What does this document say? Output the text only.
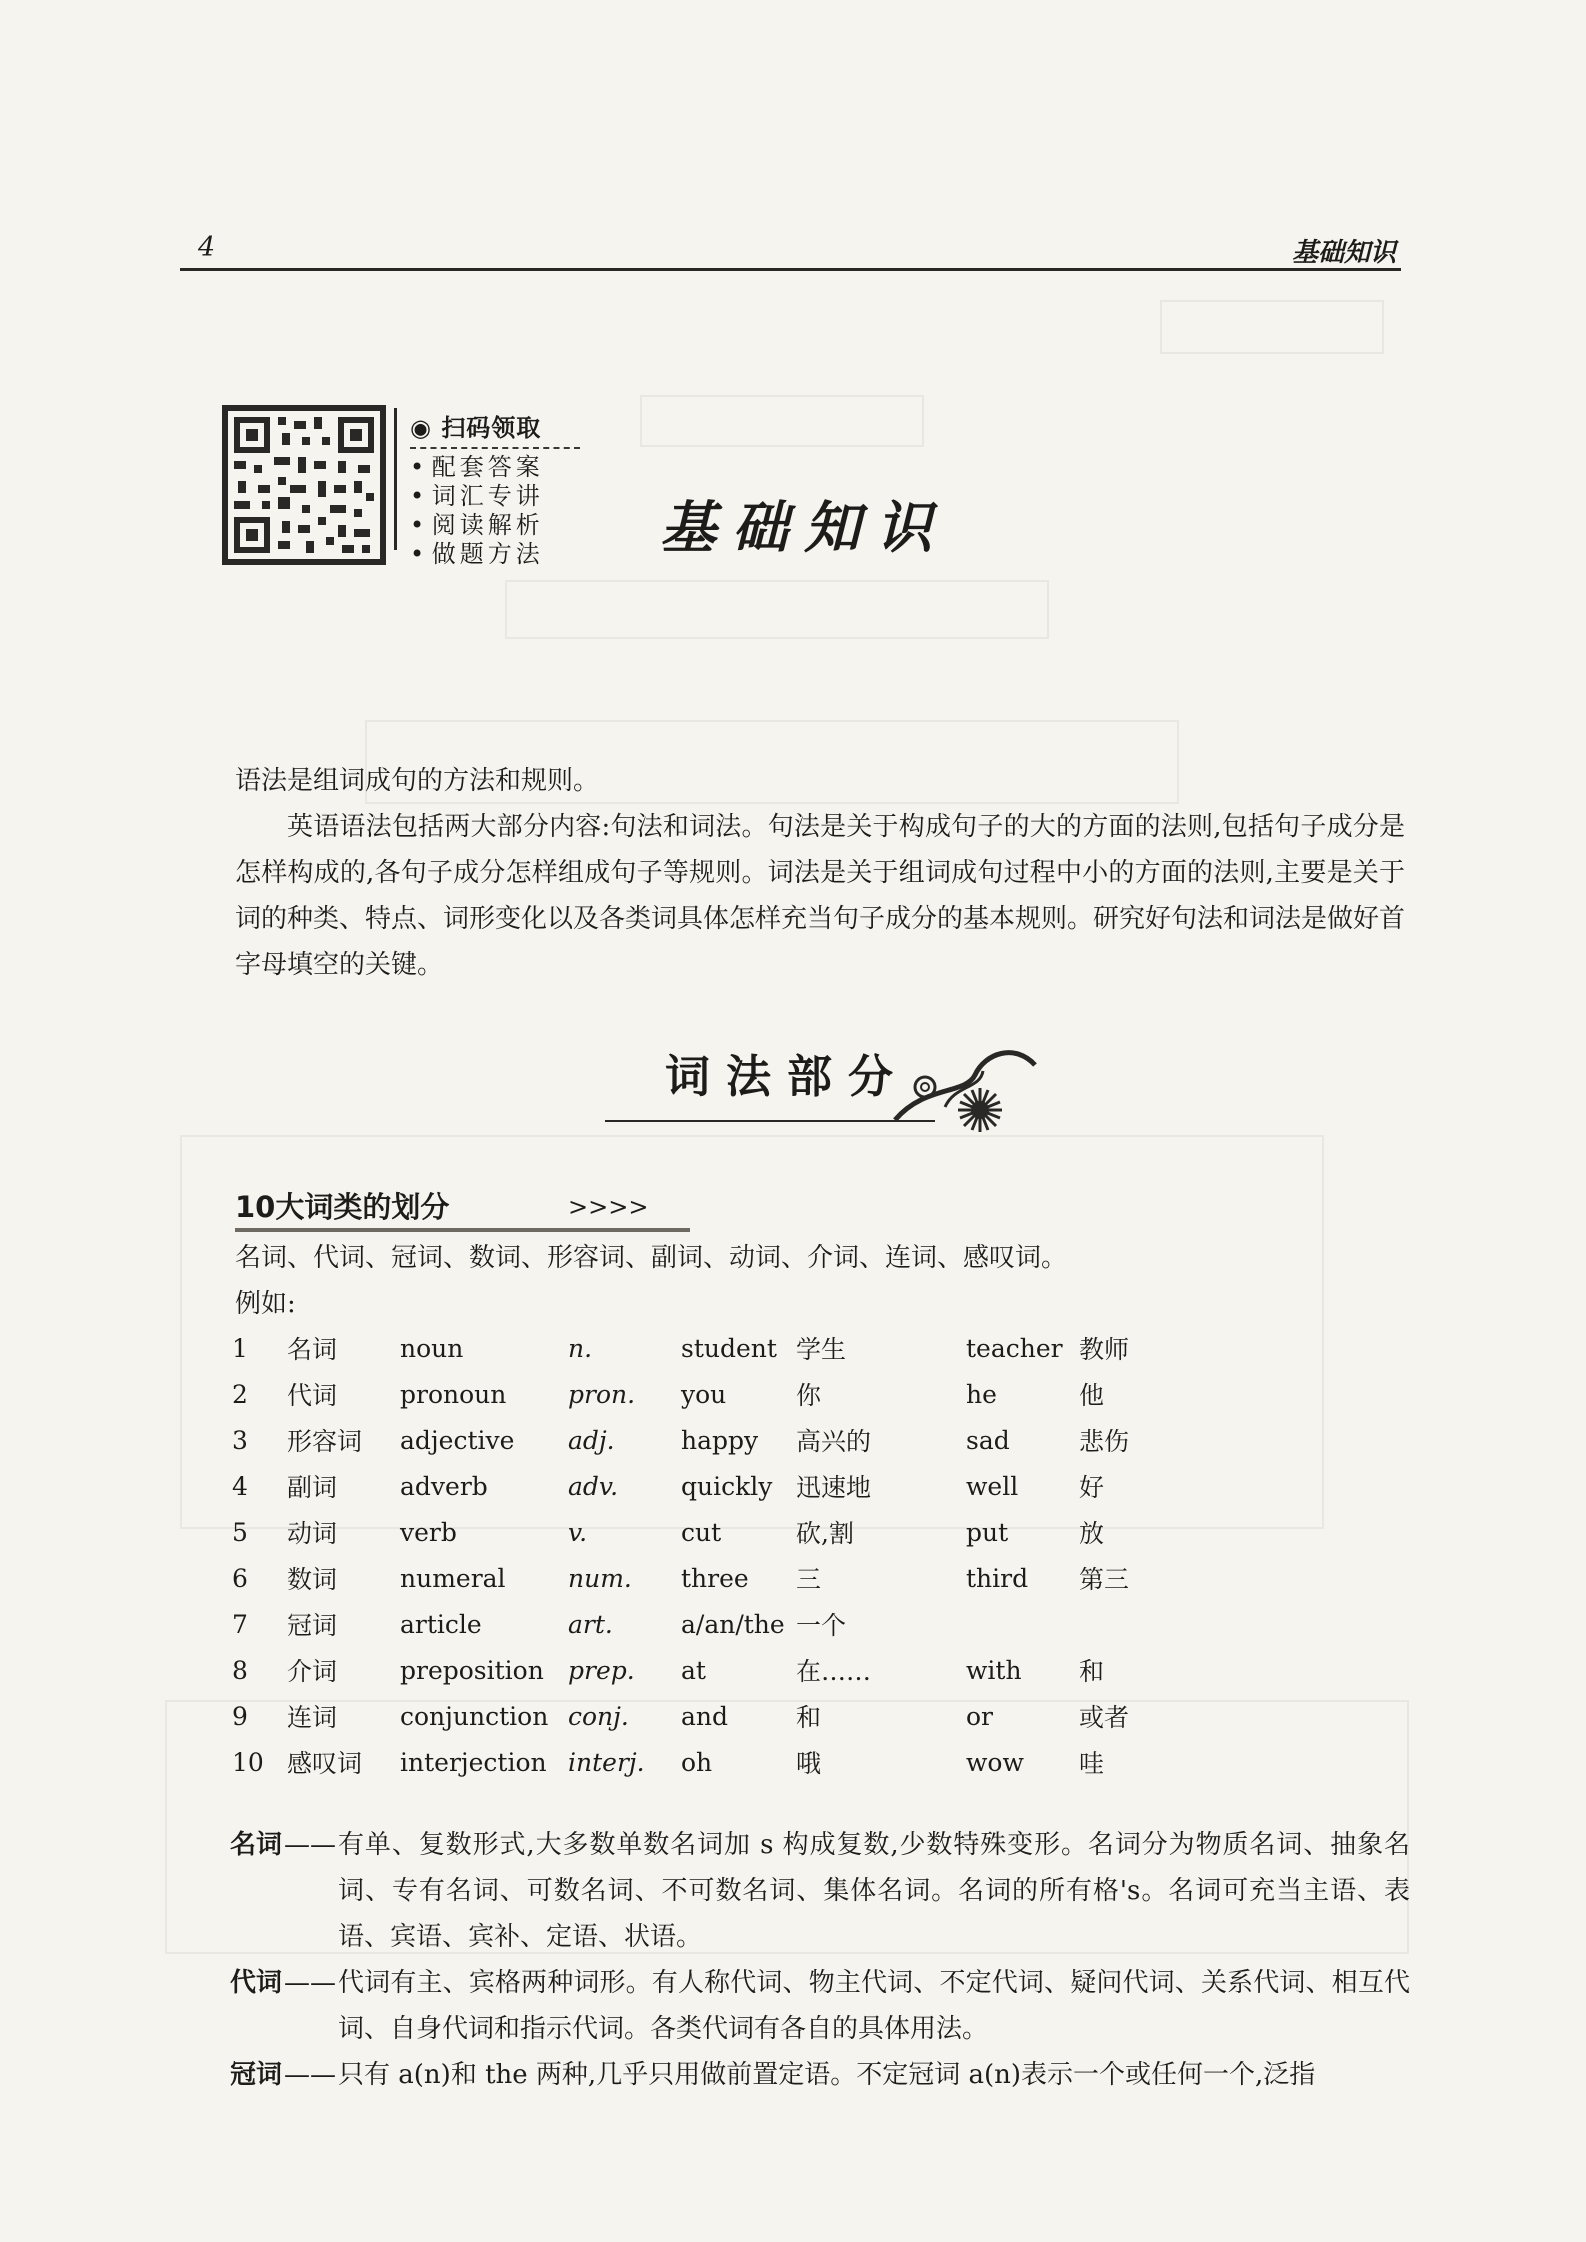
4	基础知识
◉ 扫码领取
• 配套答案
• 词汇专讲
• 阅读解析
• 做题方法	基础知识

语法是组词成句的方法和规则。

英语语法包括两大部分内容:句法和词法。句法是关于构成句子的大的方面的法则,包括句子成分是怎样构成的,各句子成分怎样组成句子等规则。词法是关于组词成句过程中小的方面的法则,主要是关于词的种类、特点、词形变化以及各类词具体怎样充当句子成分的基本规则。研究好句法和词法是做好首字母填空的关键。

词法部分
10大词类的划分	>>>>
名词、代词、冠词、数词、形容词、副词、动词、介词、连词、感叹词。
例如:
1	名词	noun	n.	student	学生	teacher	教师
2	代词	pronoun	pron.	you	你	he	他
3	形容词	adjective	adj.	happy	高兴的	sad	悲伤
4	副词	adverb	adv.	quickly	迅速地	well	好
5	动词	verb	v.	cut	砍,割	put	放
6	数词	numeral	num.	three	三	third	第三
7	冠词	article	art.	a/an/the	一个		
8	介词	preposition	prep.	at	在……	with	和
9	连词	conjunction	conj.	and	和	or	或者
10	感叹词	interjection	interj.	oh	哦	wow	哇
名词 —— 有单、复数形式,大多数单数名词加 s 构成复数,少数特殊变形。名词分为物质名词、抽象名词、专有名词、可数名词、不可数名词、集体名词。名词的所有格's。名词可充当主语、表语、宾语、宾补、定语、状语。
代词 —— 代词有主、宾格两种词形。有人称代词、物主代词、不定代词、疑问代词、关系代词、相互代词、自身代词和指示代词。各类代词有各自的具体用法。
冠词 —— 只有 a(n)和 the 两种,几乎只用做前置定语。不定冠词 a(n)表示一个或任何一个,泛指
